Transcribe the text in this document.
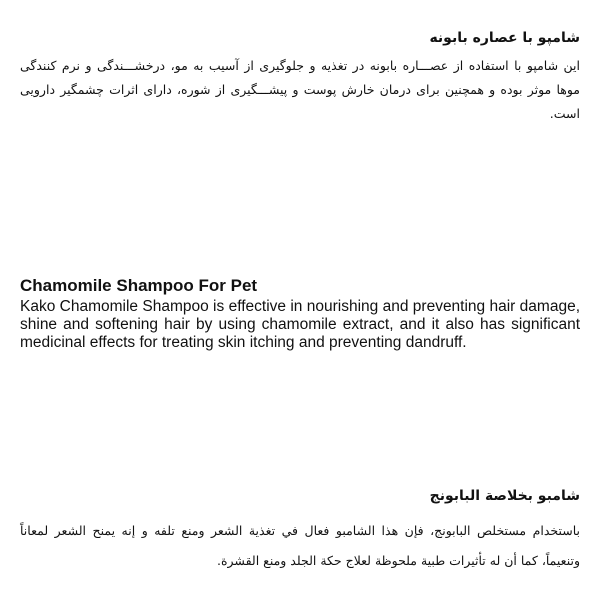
شامپو با عصاره بابونه

این شامپو با استفاده از عصـــاره بابونه در تغذیه و جلوگیری از آسیب به مو، درخشـــندگی و نرم کنندگی موها موثر بوده و همچنین برای درمان خارش پوست و پیشـــگیری از شوره، دارای اثرات چشمگیر دارویی است.

Chamomile Shampoo For Pet

Kako Chamomile Shampoo is effective in nourishing and preventing hair damage, shine and softening hair by using chamomile extract, and it also has significant medicinal effects for treating skin itching and preventing dandruff.

شامبو بخلاصة البابونج

باستخدام مستخلص البابونج، فإن هذا الشامبو فعال في تغذية الشعر ومنع تلفه و إنه يمنح الشعر لمعاناً وتنعيماً، كما أن له تأثيرات طبية ملحوظة لعلاج حكة الجلد ومنع القشرة.
